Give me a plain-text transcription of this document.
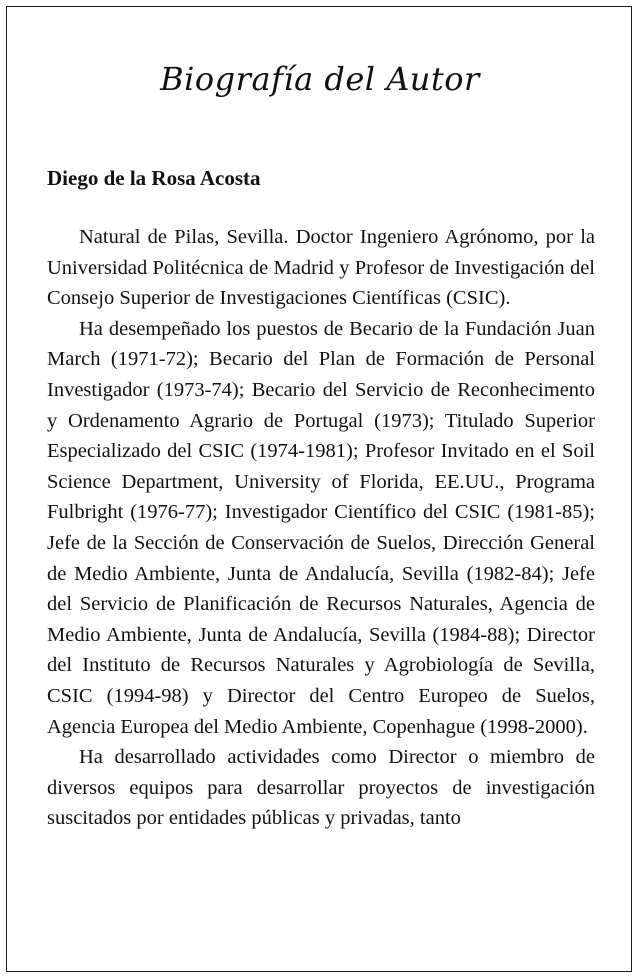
Biografía del Autor
Diego de la Rosa Acosta

Natural de Pilas, Sevilla. Doctor Ingeniero Agrónomo, por la Universidad Politécnica de Madrid y Profesor de Investigación del Consejo Superior de Investigaciones Científicas (CSIC).

Ha desempeñado los puestos de Becario de la Fundación Juan March (1971-72); Becario del Plan de Formación de Personal Investigador (1973-74); Becario del Servicio de Reconhecimento y Ordenamento Agrario de Portugal (1973); Titulado Superior Especializado del CSIC (1974-1981); Profesor Invitado en el Soil Science Department, University of Florida, EE.UU., Programa Fulbright (1976-77); Investigador Científico del CSIC (1981-85); Jefe de la Sección de Conservación de Suelos, Dirección General de Medio Ambiente, Junta de Andalucía, Sevilla (1982-84); Jefe del Servicio de Planificación de Recursos Naturales, Agencia de Medio Ambiente, Junta de Andalucía, Sevilla (1984-88); Director del Instituto de Recursos Naturales y Agrobiología de Sevilla, CSIC (1994-98) y Director del Centro Europeo de Suelos, Agencia Europea del Medio Ambiente, Copenhague (1998-2000).

Ha desarrollado actividades como Director o miembro de diversos equipos para desarrollar proyectos de investigación suscitados por entidades públicas y privadas, tanto
